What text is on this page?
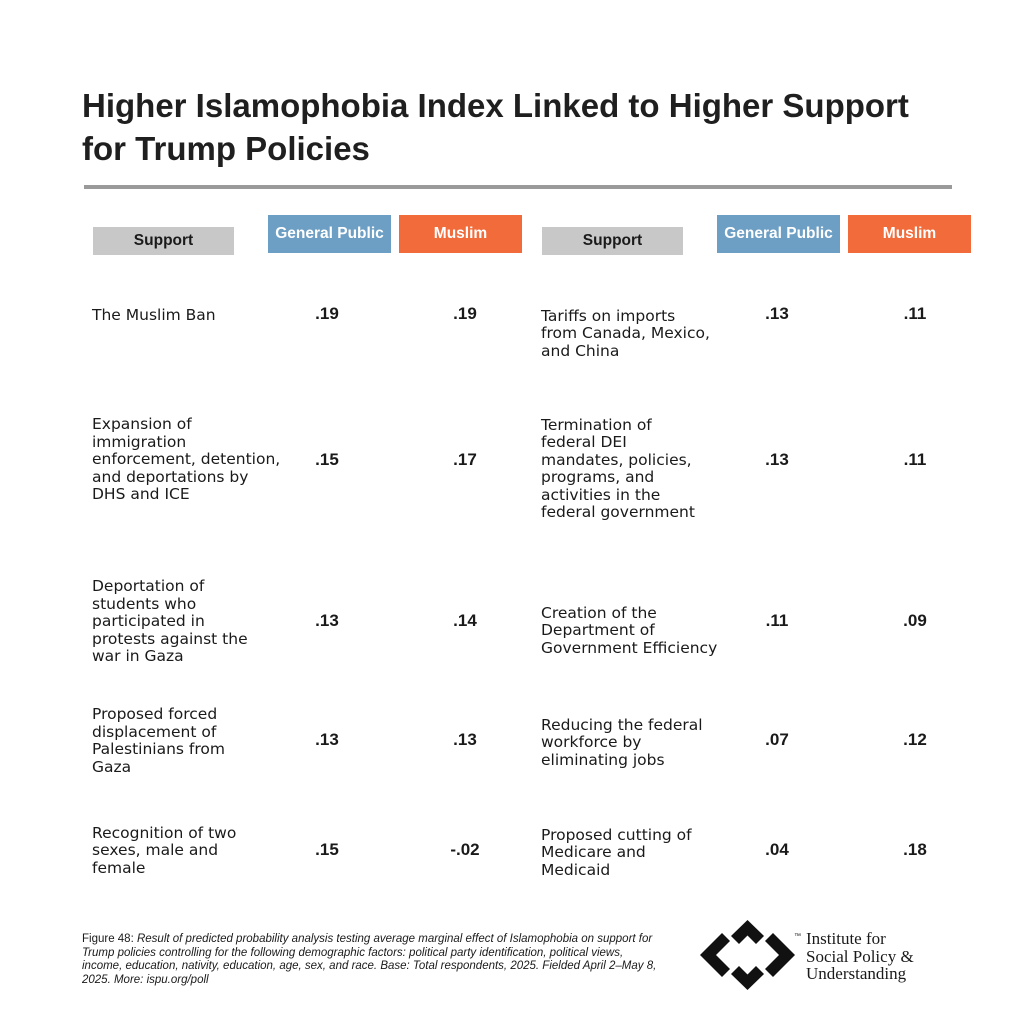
Higher Islamophobia Index Linked to Higher Support
for Trump Policies
Support	General Public	Muslim	Support	General Public	Muslim
The Muslim Ban	.19	.19
Expansion of
immigration
enforcement, detention,
and deportations by
DHS and ICE
.15	.17
Deportation of
students who
participated in
protests against the
war in Gaza
.13	.14
Proposed forced
displacement of
Palestinians from
Gaza
.13	.13
Recognition of two
sexes, male and
female
.15	-.02
Tariffs on imports
from Canada, Mexico,
and China
.13	.11
Termination of
federal DEI
mandates, policies,
programs, and
activities in the
federal government
.13	.11
Creation of the
Department of
Government Efficiency
.11	.09
Reducing the federal
workforce by
eliminating jobs
.07	.12
Proposed cutting of
Medicare and
Medicaid
.04	.18
Figure 48: Result of predicted probability analysis testing average marginal effect of Islamophobia on support for Trump policies controlling for the following demographic factors: political party identification, political views, income, education, nativity, education, age, sex, and race. Base: Total respondents, 2025. Fielded April 2–May 8, 2025. More: ispu.org/poll
Institute for
™
Social Policy &
Understanding
